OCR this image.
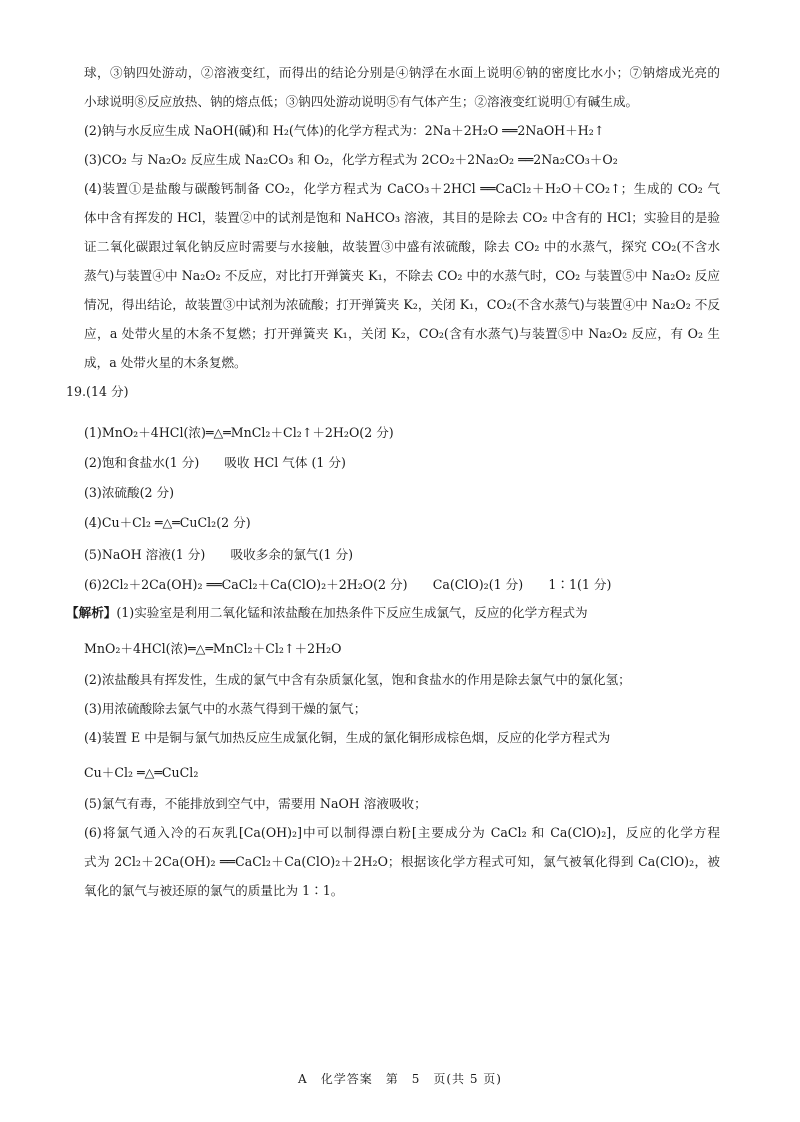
球，③钠四处游动，②溶液变红，而得出的结论分别是④钠浮在水面上说明⑥钠的密度比水小；⑦钠熔成光亮的
小球说明⑧反应放热、钠的熔点低；③钠四处游动说明⑤有气体产生；②溶液变红说明①有碱生成。
(2)钠与水反应生成 NaOH(碱)和 H₂(气体)的化学方程式为：2Na＋2H₂O ══2NaOH＋H₂↑
(3)CO₂ 与 Na₂O₂ 反应生成 Na₂CO₃ 和 O₂，化学方程式为 2CO₂＋2Na₂O₂ ══2Na₂CO₃＋O₂
(4)装置①是盐酸与碳酸钙制备 CO₂，化学方程式为 CaCO₃＋2HCl ══CaCl₂＋H₂O＋CO₂↑；生成的 CO₂ 气
体中含有挥发的 HCl，装置②中的试剂是饱和 NaHCO₃ 溶液，其目的是除去 CO₂ 中含有的 HCl；实验目的是验
证二氧化碳跟过氧化钠反应时需要与水接触，故装置③中盛有浓硫酸，除去 CO₂ 中的水蒸气，探究 CO₂(不含水
蒸气)与装置④中 Na₂O₂ 不反应，对比打开弹簧夹 K₁，不除去 CO₂ 中的水蒸气时，CO₂ 与装置⑤中 Na₂O₂ 反应
情况，得出结论，故装置③中试剂为浓硫酸；打开弹簧夹 K₂，关闭 K₁，CO₂(不含水蒸气)与装置④中 Na₂O₂ 不反
应，a 处带火星的木条不复燃；打开弹簧夹 K₁，关闭 K₂，CO₂(含有水蒸气)与装置⑤中 Na₂O₂ 反应，有 O₂ 生
成，a 处带火星的木条复燃。
19.(14 分)
(1)MnO₂＋4HCl(浓)═△═MnCl₂＋Cl₂↑＋2H₂O(2 分)
(2)饱和食盐水(1 分)　　吸收 HCl 气体 (1 分)
(3)浓硫酸(2 分)
(4)Cu＋Cl₂ ═△═CuCl₂(2 分)
(5)NaOH 溶液(1 分)　　吸收多余的氯气(1 分)
(6)2Cl₂＋2Ca(OH)₂ ══CaCl₂＋Ca(ClO)₂＋2H₂O(2 分)　　Ca(ClO)₂(1 分)　　1∶1(1 分)
【解析】(1)实验室是利用二氧化锰和浓盐酸在加热条件下反应生成氯气，反应的化学方程式为
MnO₂＋4HCl(浓)═△═MnCl₂＋Cl₂↑＋2H₂O
(2)浓盐酸具有挥发性，生成的氯气中含有杂质氯化氢，饱和食盐水的作用是除去氯气中的氯化氢；
(3)用浓硫酸除去氯气中的水蒸气得到干燥的氯气；
(4)装置 E 中是铜与氯气加热反应生成氯化铜，生成的氯化铜形成棕色烟，反应的化学方程式为
Cu＋Cl₂ ═△═CuCl₂
(5)氯气有毒，不能排放到空气中，需要用 NaOH 溶液吸收；
(6)将氯气通入冷的石灰乳[Ca(OH)₂]中可以制得漂白粉[主要成分为 CaCl₂ 和 Ca(ClO)₂]，反应的化学方程
式为 2Cl₂＋2Ca(OH)₂ ══CaCl₂＋Ca(ClO)₂＋2H₂O；根据该化学方程式可知，氯气被氧化得到 Ca(ClO)₂，被
氧化的氯气与被还原的氯气的质量比为 1∶1。
A　化学答案　第　5　页(共 5 页)
